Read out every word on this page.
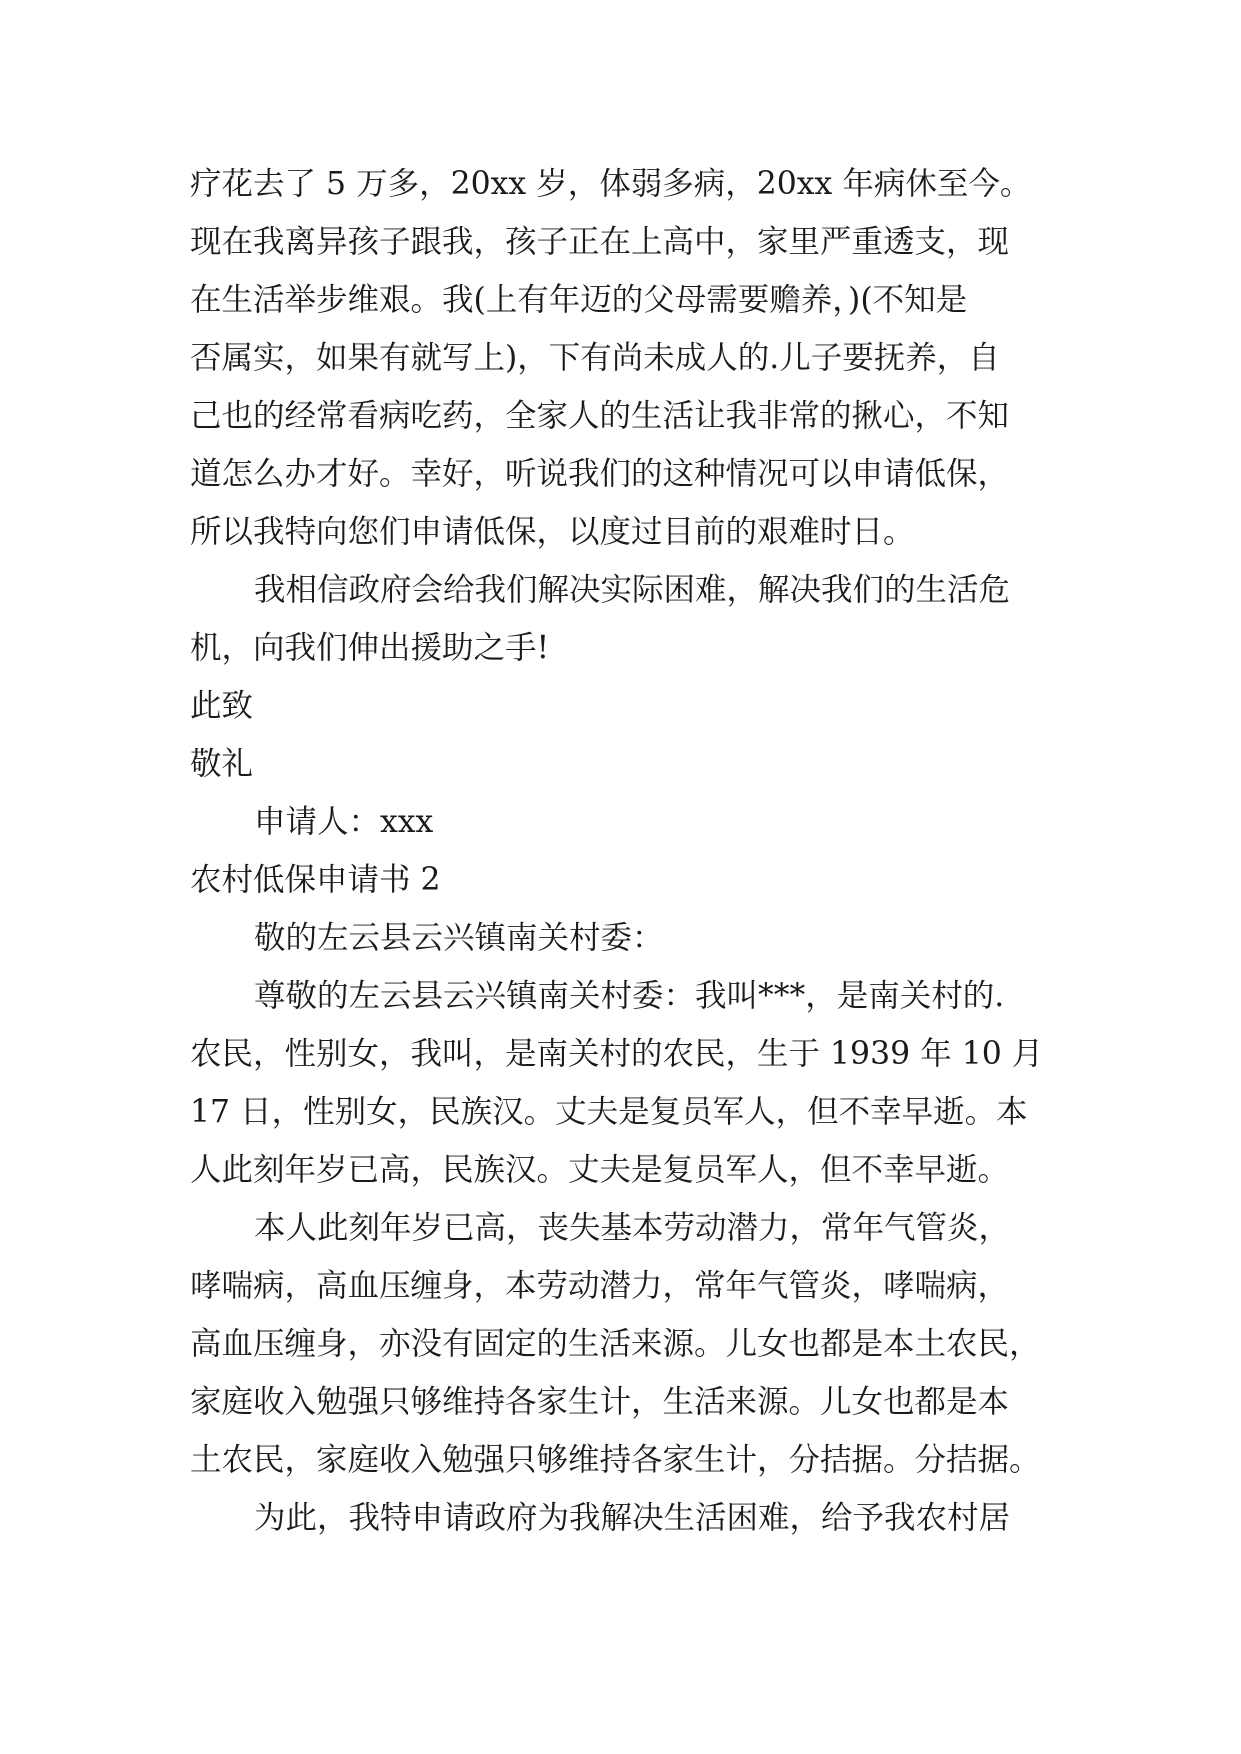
疗花去了 5 万多，20xx 岁，体弱多病，20xx 年病休至今。
现在我离异孩子跟我，孩子正在上高中，家里严重透支，现
在生活举步维艰。我(上有年迈的父母需要赡养，)(不知是
否属实，如果有就写上)，下有尚未成人的.儿子要抚养，自
己也的经常看病吃药，全家人的生活让我非常的揪心，不知
道怎么办才好。幸好，听说我们的这种情况可以申请低保，
所以我特向您们申请低保，以度过目前的艰难时日。
我相信政府会给我们解决实际困难，解决我们的生活危
机，向我们伸出援助之手!
此致
敬礼
申请人：xxx
农村低保申请书 2
敬的左云县云兴镇南关村委：
尊敬的左云县云兴镇南关村委：我叫***，是南关村的.
农民，性别女，我叫，是南关村的农民，生于 1939 年 10 月
17 日，性别女，民族汉。丈夫是复员军人，但不幸早逝。本
人此刻年岁已高，民族汉。丈夫是复员军人，但不幸早逝。
本人此刻年岁已高，丧失基本劳动潜力，常年气管炎，
哮喘病，高血压缠身，本劳动潜力，常年气管炎，哮喘病，
高血压缠身，亦没有固定的生活来源。儿女也都是本土农民，
家庭收入勉强只够维持各家生计，生活来源。儿女也都是本
土农民，家庭收入勉强只够维持各家生计，分拮据。分拮据。
为此，我特申请政府为我解决生活困难，给予我农村居
